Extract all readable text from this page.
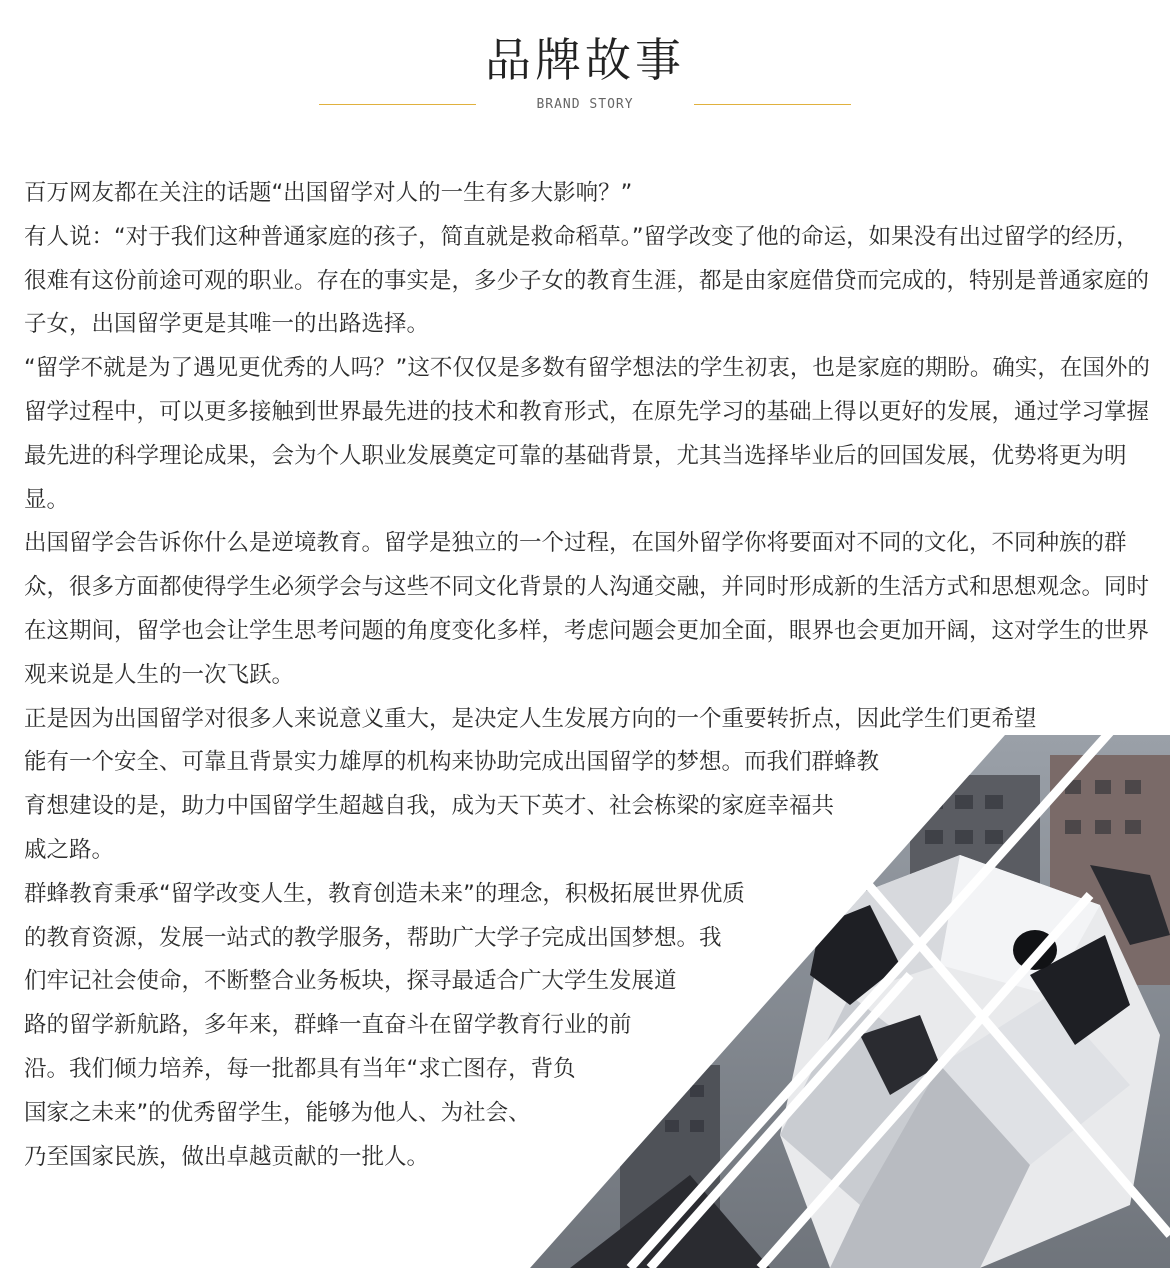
品牌故事
BRAND STORY

百万网友都在关注的话题“出国留学对人的一生有多大影响？”

有人说：“对于我们这种普通家庭的孩子，简直就是救命稻草。”留学改变了他的命运，如果没有出过留学的经历，很难有这份前途可观的职业。存在的事实是，多少子女的教育生涯，都是由家庭借贷而完成的，特别是普通家庭的子女，出国留学更是其唯一的出路选择。

“留学不就是为了遇见更优秀的人吗？”这不仅仅是多数有留学想法的学生初衷，也是家庭的期盼。确实，在国外的留学过程中，可以更多接触到世界最先进的技术和教育形式，在原先学习的基础上得以更好的发展，通过学习掌握最先进的科学理论成果，会为个人职业发展奠定可靠的基础背景，尤其当选择毕业后的回国发展，优势将更为明显。

出国留学会告诉你什么是逆境教育。留学是独立的一个过程，在国外留学你将要面对不同的文化，不同种族的群众，很多方面都使得学生必须学会与这些不同文化背景的人沟通交融，并同时形成新的生活方式和思想观念。同时在这期间，留学也会让学生思考问题的角度变化多样，考虑问题会更加全面，眼界也会更加开阔，这对学生的世界观来说是人生的一次飞跃。

正是因为出国留学对很多人来说意义重大，是决定人生发展方向的一个重要转折点，因此学生们更希望

能有一个安全、可靠且背景实力雄厚的机构来协助完成出国留学的梦想。而我们群蜂教

育想建设的是，助力中国留学生超越自我，成为天下英才、社会栋梁的家庭幸福共

戚之路。

群蜂教育秉承“留学改变人生，教育创造未来”的理念，积极拓展世界优质

的教育资源，发展一站式的教学服务，帮助广大学子完成出国梦想。我

们牢记社会使命，不断整合业务板块，探寻最适合广大学生发展道

路的留学新航路，多年来，群蜂一直奋斗在留学教育行业的前

沿。我们倾力培养，每一批都具有当年“求亡图存，背负

国家之未来”的优秀留学生，能够为他人、为社会、

乃至国家民族，做出卓越贡献的一批人。
